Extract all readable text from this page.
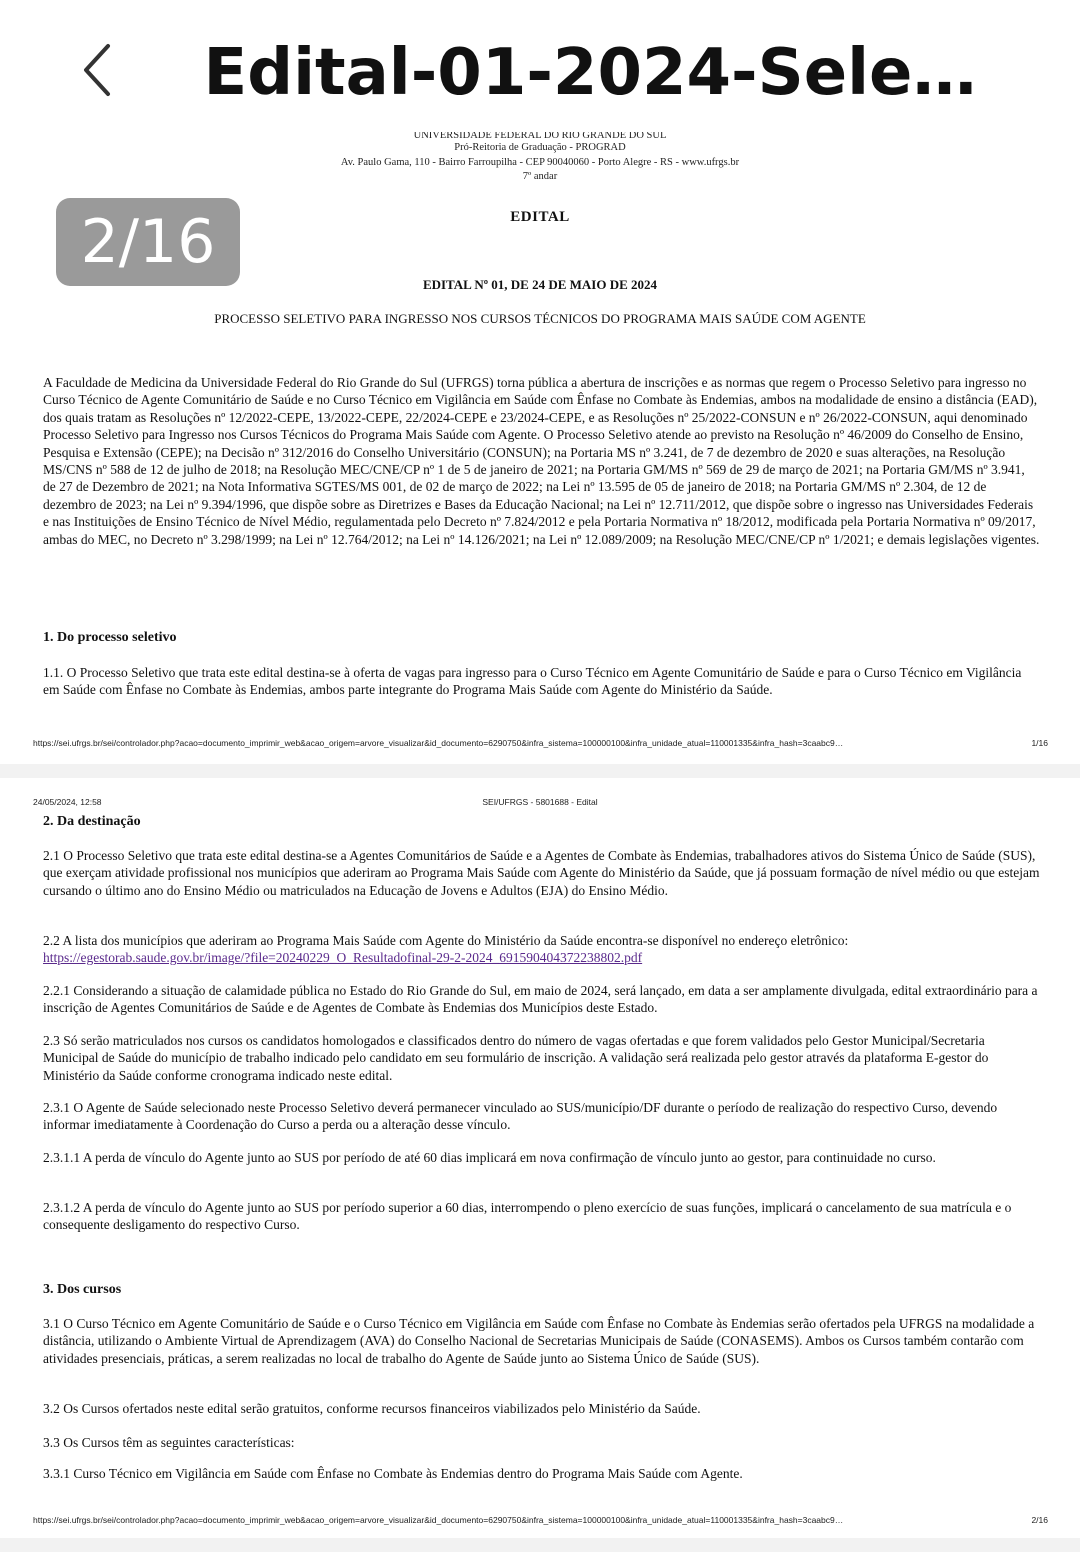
Edital-01-2024-Sele…
2/16
UNIVERSIDADE FEDERAL DO RIO GRANDE DO SUL
Pró-Reitoria de Graduação - PROGRAD
Av. Paulo Gama, 110 - Bairro Farroupilha - CEP 90040060 - Porto Alegre - RS - www.ufrgs.br
7º andar
EDITAL
EDITAL Nº 01, DE 24 DE MAIO DE 2024
PROCESSO SELETIVO PARA INGRESSO NOS CURSOS TÉCNICOS DO PROGRAMA MAIS SAÚDE COM AGENTE

A Faculdade de Medicina da Universidade Federal do Rio Grande do Sul (UFRGS) torna pública a abertura de inscrições e as normas que regem o Processo Seletivo para ingresso no Curso Técnico de Agente Comunitário de Saúde e no Curso Técnico em Vigilância em Saúde com Ênfase no Combate às Endemias, ambos na modalidade de ensino a distância (EAD), dos quais tratam as Resoluções nº 12/2022-CEPE, 13/2022-CEPE, 22/2024-CEPE e 23/2024-CEPE, e as Resoluções nº 25/2022-CONSUN e nº 26/2022-CONSUN, aqui denominado Processo Seletivo para Ingresso nos Cursos Técnicos do Programa Mais Saúde com Agente. O Processo Seletivo atende ao previsto na Resolução nº 46/2009 do Conselho de Ensino, Pesquisa e Extensão (CEPE); na Decisão nº 312/2016 do Conselho Universitário (CONSUN); na Portaria MS nº 3.241, de 7 de dezembro de 2020 e suas alterações, na Resolução MS/CNS nº 588 de 12 de julho de 2018; na Resolução MEC/CNE/CP nº 1 de 5 de janeiro de 2021; na Portaria GM/MS nº 569 de 29 de março de 2021; na Portaria GM/MS nº 3.941, de 27 de Dezembro de 2021; na Nota Informativa SGTES/MS 001, de 02 de março de 2022; na Lei nº 13.595 de 05 de janeiro de 2018; na Portaria GM/MS nº 2.304, de 12 de dezembro de 2023; na Lei nº 9.394/1996, que dispõe sobre as Diretrizes e Bases da Educação Nacional; na Lei nº 12.711/2012, que dispõe sobre o ingresso nas Universidades Federais e nas Instituições de Ensino Técnico de Nível Médio, regulamentada pelo Decreto nº 7.824/2012 e pela Portaria Normativa nº 18/2012, modificada pela Portaria Normativa nº 09/2017, ambas do MEC, no Decreto nº 3.298/1999; na Lei nº 12.764/2012; na Lei nº 14.126/2021; na Lei nº 12.089/2009; na Resolução MEC/CNE/CP nº 1/2021; e demais legislações vigentes.

1. Do processo seletivo

1.1. O Processo Seletivo que trata este edital destina-se à oferta de vagas para ingresso para o Curso Técnico em Agente Comunitário de Saúde e para o Curso Técnico em Vigilância em Saúde com Ênfase no Combate às Endemias, ambos parte integrante do Programa Mais Saúde com Agente do Ministério da Saúde.

https://sei.ufrgs.br/sei/controlador.php?acao=documento_imprimir_web&acao_origem=arvore_visualizar&id_documento=6290750&infra_sistema=100000100&infra_unidade_atual=110001335&infra_hash=3caabc9…	1/16
24/05/2024, 12:58	SEI/UFRGS - 5801688 - Edital
2. Da destinação

2.1 O Processo Seletivo que trata este edital destina-se a Agentes Comunitários de Saúde e a Agentes de Combate às Endemias, trabalhadores ativos do Sistema Único de Saúde (SUS), que exerçam atividade profissional nos municípios que aderiram ao Programa Mais Saúde com Agente do Ministério da Saúde, que já possuam formação de nível médio ou que estejam cursando o último ano do Ensino Médio ou matriculados na Educação de Jovens e Adultos (EJA) do Ensino Médio.

2.2 A lista dos municípios que aderiram ao Programa Mais Saúde com Agente do Ministério da Saúde encontra-se disponível no endereço eletrônico:
https://egestorab.saude.gov.br/image/?file=20240229_O_Resultadofinal-29-2-2024_6915904043722388​02.pdf

2.2.1 Considerando a situação de calamidade pública no Estado do Rio Grande do Sul, em maio de 2024, será lançado, em data a ser amplamente divulgada, edital extraordinário para a inscrição de Agentes Comunitários de Saúde e de Agentes de Combate às Endemias dos Municípios deste Estado.

2.3 Só serão matriculados nos cursos os candidatos homologados e classificados dentro do número de vagas ofertadas e que forem validados pelo Gestor Municipal/Secretaria Municipal de Saúde do município de trabalho indicado pelo candidato em seu formulário de inscrição. A validação será realizada pelo gestor através da plataforma E-gestor do Ministério da Saúde conforme cronograma indicado neste edital.

2.3.1 O Agente de Saúde selecionado neste Processo Seletivo deverá permanecer vinculado ao SUS/município/DF durante o período de realização do respectivo Curso, devendo informar imediatamente à Coordenação do Curso a perda ou a alteração desse vínculo.

2.3.1.1 A perda de vínculo do Agente junto ao SUS por período de até 60 dias implicará em nova confirmação de vínculo junto ao gestor, para continuidade no curso.

2.3.1.2 A perda de vínculo do Agente junto ao SUS por período superior a 60 dias, interrompendo o pleno exercício de suas funções, implicará o cancelamento de sua matrícula e o consequente desligamento do respectivo Curso.

3. Dos cursos

3.1 O Curso Técnico em Agente Comunitário de Saúde e o Curso Técnico em Vigilância em Saúde com Ênfase no Combate às Endemias serão ofertados pela UFRGS na modalidade a distância, utilizando o Ambiente Virtual de Aprendizagem (AVA) do Conselho Nacional de Secretarias Municipais de Saúde (CONASEMS). Ambos os Cursos também contarão com atividades presenciais, práticas, a serem realizadas no local de trabalho do Agente de Saúde junto ao Sistema Único de Saúde (SUS).

3.2 Os Cursos ofertados neste edital serão gratuitos, conforme recursos financeiros viabilizados pelo Ministério da Saúde.

3.3 Os Cursos têm as seguintes características:

3.3.1 Curso Técnico em Vigilância em Saúde com Ênfase no Combate às Endemias dentro do Programa Mais Saúde com Agente.

https://sei.ufrgs.br/sei/controlador.php?acao=documento_imprimir_web&acao_origem=arvore_visualizar&id_documento=6290750&infra_sistema=100000100&infra_unidade_atual=110001335&infra_hash=3caabc9…	2/16
